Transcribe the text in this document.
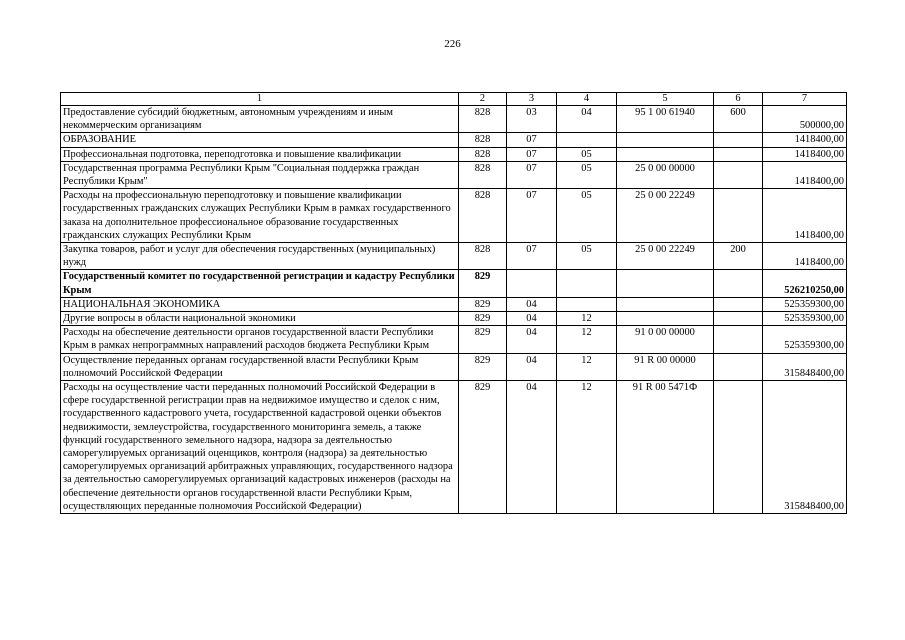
226
1	2	3	4	5	6	7
Предоставление субсидий бюджетным, автономным учреждениям и иным некоммерческим организациям	828	03	04	95 1 00 61940	600	500000,00
ОБРАЗОВАНИЕ	828	07				1418400,00
Профессиональная подготовка, переподготовка и повышение квалификации	828	07	05			1418400,00
Государственная программа Республики Крым "Социальная поддержка граждан Республики Крым"	828	07	05	25 0 00 00000		1418400,00
Расходы на профессиональную переподготовку и повышение квалификации государственных гражданских служащих Республики Крым в рамках государственного заказа на дополнительное профессиональное образование государственных гражданских служащих Республики Крым	828	07	05	25 0 00 22249		1418400,00
Закупка товаров, работ и услуг для обеспечения государственных (муниципальных) нужд	828	07	05	25 0 00 22249	200	1418400,00
Государственный комитет по государственной регистрации и кадастру Республики Крым	829					526210250,00
НАЦИОНАЛЬНАЯ ЭКОНОМИКА	829	04				525359300,00
Другие вопросы в области национальной экономики	829	04	12			525359300,00
Расходы на обеспечение деятельности органов государственной власти Республики Крым в рамках непрограммных направлений расходов бюджета Республики Крым	829	04	12	91 0 00 00000		525359300,00
Осуществление переданных органам государственной власти Республики Крым полномочий Российской Федерации	829	04	12	91 R 00 00000		315848400,00
Расходы на осуществление части переданных полномочий Российской Федерации в сфере государственной регистрации прав на недвижимое имущество и сделок с ним, государственного кадастрового учета, государственной кадастровой оценки объектов недвижимости, землеустройства, государственного мониторинга земель, а также функций государственного земельного надзора, надзора за деятельностью саморегулируемых организаций оценщиков, контроля (надзора) за деятельностью саморегулируемых организаций арбитражных управляющих, государственного надзора за деятельностью саморегулируемых организаций кадастровых инженеров (расходы на обеспечение деятельности органов государственной власти Республики Крым, осуществляющих переданные полномочия Российской Федерации)	829	04	12	91 R 00 5471Ф		315848400,00
